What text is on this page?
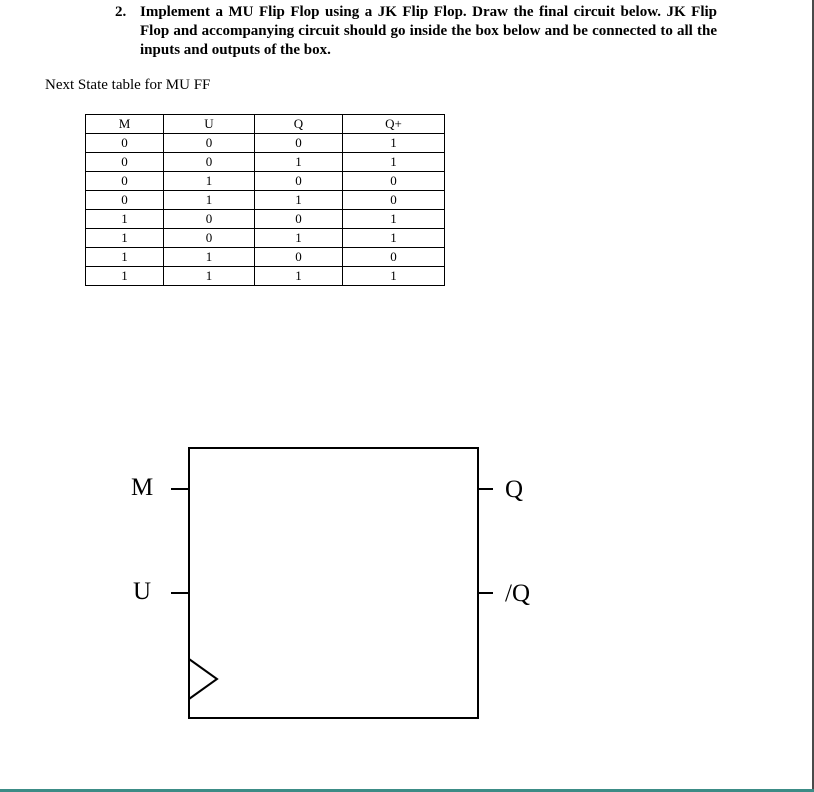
2. Implement a MU Flip Flop using a JK Flip Flop. Draw the final circuit below. JK Flip Flop and accompanying circuit should go inside the box below and be connected to all the inputs and outputs of the box.
Next State table for MU FF
M	U	Q	Q+
0	0	0	1
0	0	1	1
0	1	0	0
0	1	1	0
1	0	0	1
1	0	1	1
1	1	0	0
1	1	1	1
M
U
Q
/Q
